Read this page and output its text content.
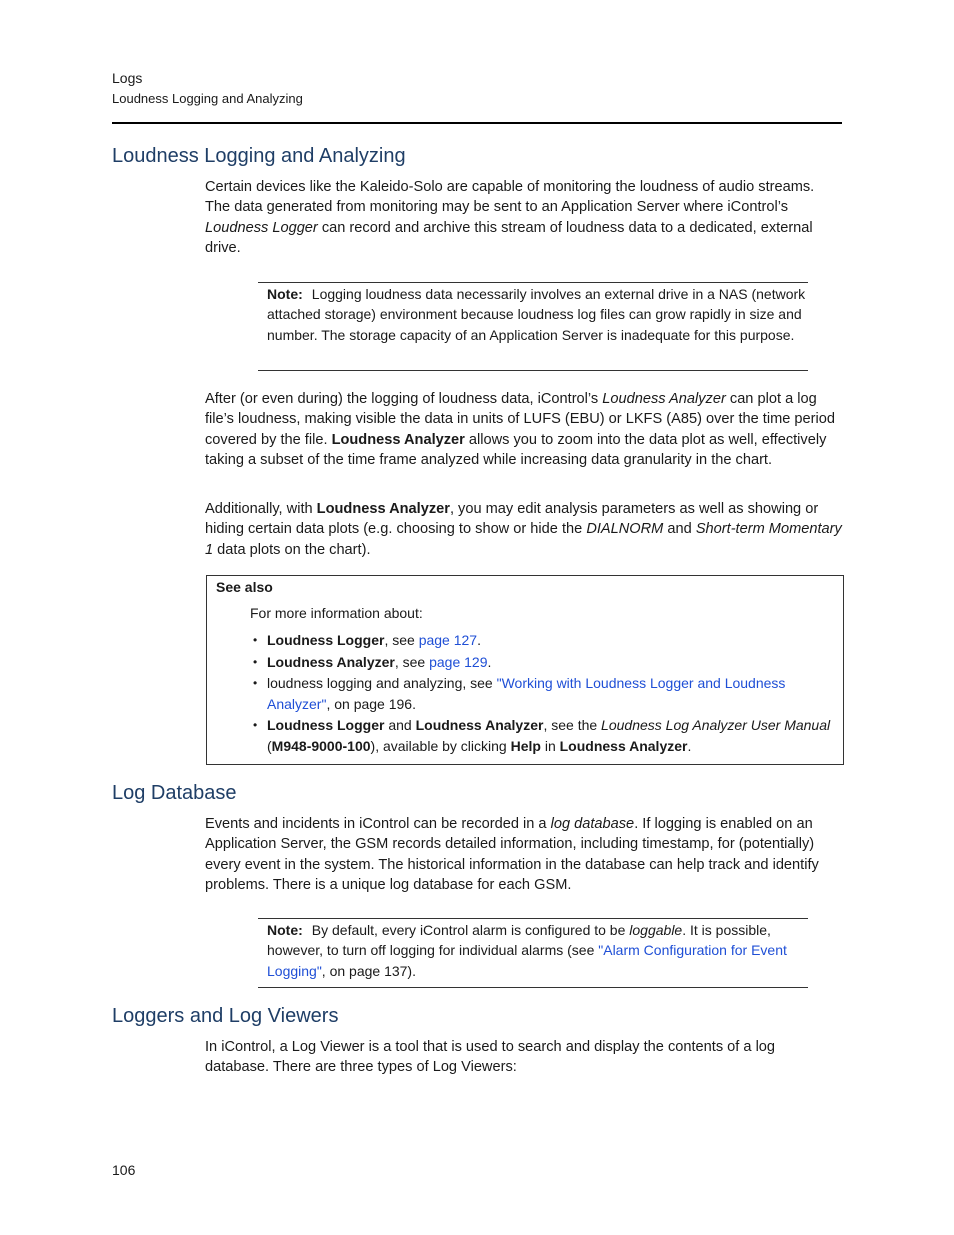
Logs
Loudness Logging and Analyzing
Loudness Logging and Analyzing

Certain devices like the Kaleido-Solo are capable of monitoring the loudness of audio streams. The data generated from monitoring may be sent to an Application Server where iControl’s Loudness Logger can record and archive this stream of loudness data to a dedicated, external drive.

Note: Logging loudness data necessarily involves an external drive in a NAS (network attached storage) environment because loudness log files can grow rapidly in size and number. The storage capacity of an Application Server is inadequate for this purpose.

After (or even during) the logging of loudness data, iControl’s Loudness Analyzer can plot a log file’s loudness, making visible the data in units of LUFS (EBU) or LKFS (A85) over the time period covered by the file. Loudness Analyzer allows you to zoom into the data plot as well, effectively taking a subset of the time frame analyzed while increasing data granularity in the chart.

Additionally, with Loudness Analyzer, you may edit analysis parameters as well as showing or hiding certain data plots (e.g. choosing to show or hide the DIALNORM and Short-term Momentary 1 data plots on the chart).

See also
For more information about:
• Loudness Logger, see page 127.
• Loudness Analyzer, see page 129.
• loudness logging and analyzing, see "Working with Loudness Logger and Loudness Analyzer", on page 196.
• Loudness Logger and Loudness Analyzer, see the Loudness Log Analyzer User Manual (M948-9000-100), available by clicking Help in Loudness Analyzer.
Log Database

Events and incidents in iControl can be recorded in a log database. If logging is enabled on an Application Server, the GSM records detailed information, including timestamp, for (potentially) every event in the system. The historical information in the database can help track and identify problems. There is a unique log database for each GSM.

Note: By default, every iControl alarm is configured to be loggable. It is possible, however, to turn off logging for individual alarms (see "Alarm Configuration for Event Logging", on page 137).
Loggers and Log Viewers

In iControl, a Log Viewer is a tool that is used to search and display the contents of a log database. There are three types of Log Viewers:

106
